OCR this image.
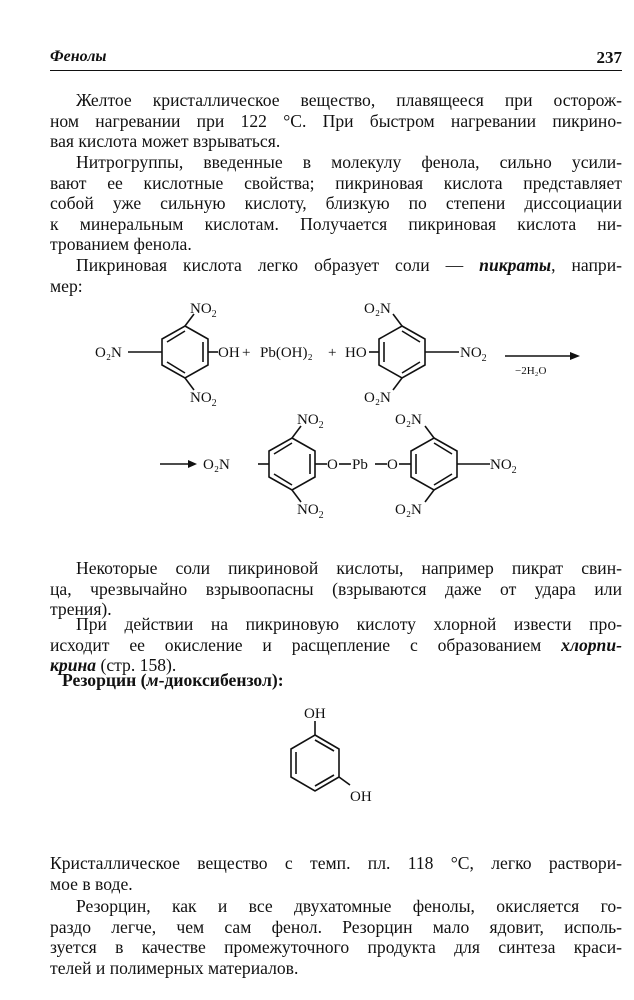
Фенолы	237
Желтое кристаллическое вещество, плавящееся при осторож-
ном нагревании при 122 °С. При быстром нагревании пикрино-
вая кислота может взрываться.
Нитрогруппы, введенные в молекулу фенола, сильно усили-
вают ее кислотные свойства; пикриновая кислота представляет
собой уже сильную кислоту, близкую по степени диссоциации
к минеральным кислотам. Получается пикриновая кислота ни-
трованием фенола.
Пикриновая кислота легко образует соли — пикраты, напри-
мер:
$NO_2$
$NO_2$
O₂N	OH + Pb(OH)₂ + HO
O₂N
O₂N
$NO_2$
−2H₂O
$NO_2$
$NO_2$
O₂N	O Pb O
O₂N
O₂N
$NO_2$
Некоторые соли пикриновой кислоты, например пикрат свин-
ца, чрезвычайно взрывоопасны (взрываются даже от удара или
трения).
При действии на пикриновую кислоту хлорной извести про-
исходит ее окисление и расщепление с образованием хлорпи-
крина (стр. 158).
Резорцин (м-диоксибензол):
OH
OH
Кристаллическое вещество с темп. пл. 118 °С, легко раствори-
мое в воде.
Резорцин, как и все двухатомные фенолы, окисляется го-
раздо легче, чем сам фенол. Резорцин мало ядовит, исполь-
зуется в качестве промежуточного продукта для синтеза краси-
телей и полимерных материалов.
